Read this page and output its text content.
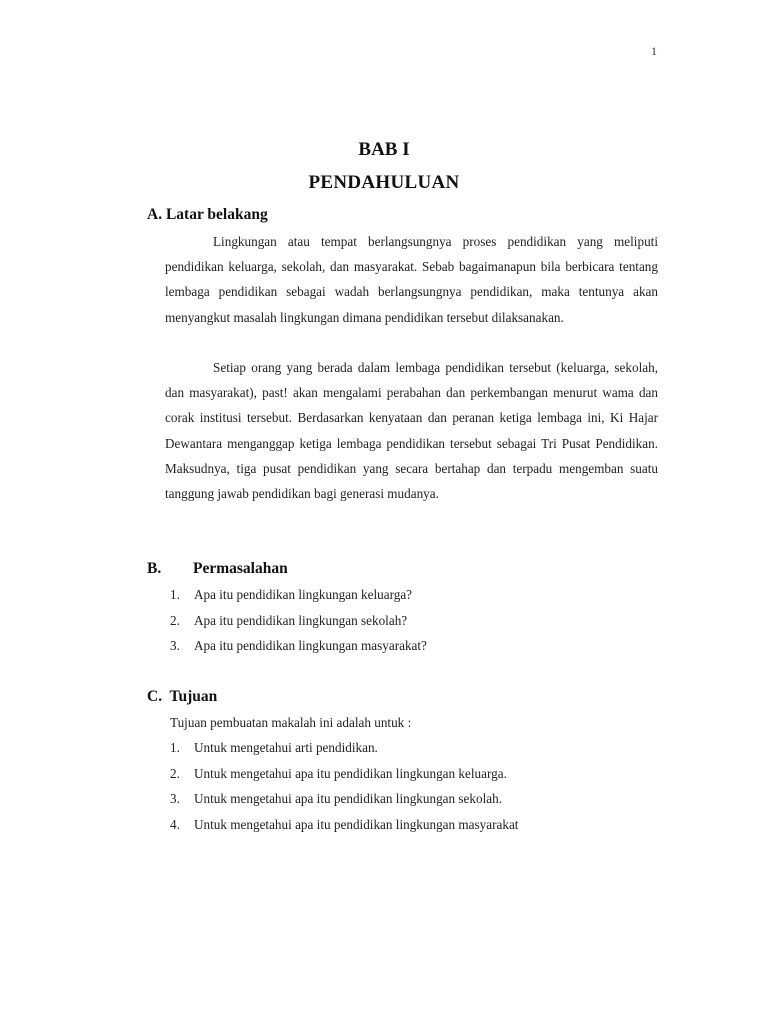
1
BAB I
PENDAHULUAN
A. Latar belakang
Lingkungan atau tempat berlangsungnya proses pendidikan yang meliputi pendidikan keluarga, sekolah, dan masyarakat. Sebab bagaimanapun bila berbicara tentang lembaga pendidikan sebagai wadah berlangsungnya pendidikan, maka tentunya akan menyangkut masalah lingkungan dimana pendidikan tersebut dilaksanakan.
Setiap orang yang berada dalam lembaga pendidikan tersebut (keluarga, sekolah, dan masyarakat), past! akan mengalami perabahan dan perkembangan menurut wama dan corak institusi tersebut. Berdasarkan kenyataan dan peranan ketiga lembaga ini, Ki Hajar Dewantara menganggap ketiga lembaga pendidikan tersebut sebagai Tri Pusat Pendidikan. Maksudnya, tiga pusat pendidikan yang secara bertahap dan terpadu mengemban suatu tanggung jawab pendidikan bagi generasi mudanya.
B. Permasalahan
1. Apa itu pendidikan lingkungan keluarga?
2. Apa itu pendidikan lingkungan sekolah?
3. Apa itu pendidikan lingkungan masyarakat?
C.  Tujuan
Tujuan pembuatan makalah ini adalah untuk :
1. Untuk mengetahui arti pendidikan.
2. Untuk mengetahui apa itu pendidikan lingkungan keluarga.
3. Untuk mengetahui apa itu pendidikan lingkungan sekolah.
4. Untuk mengetahui apa itu pendidikan lingkungan masyarakat
